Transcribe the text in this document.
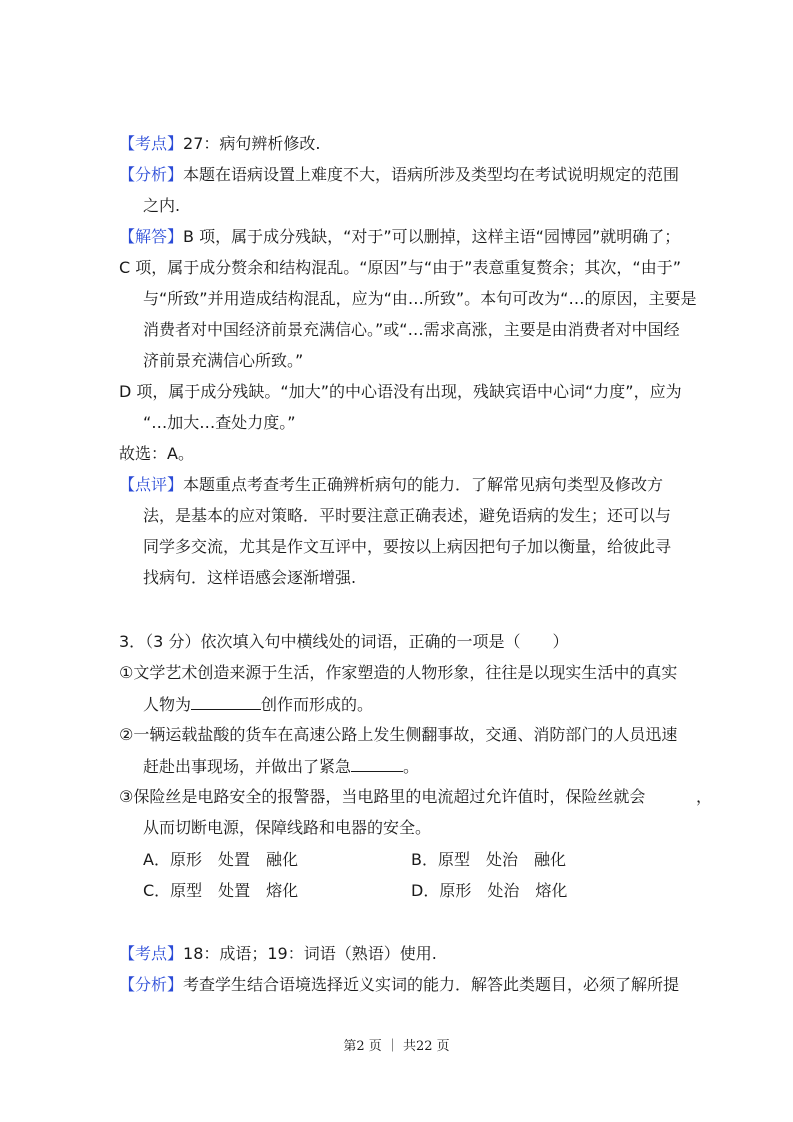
【考点】27：病句辨析修改.
【分析】本题在语病设置上难度不大，语病所涉及类型均在考试说明规定的范围
之内.
【解答】B 项，属于成分残缺，“对于”可以删掉，这样主语“园博园”就明确了；
C 项，属于成分赘余和结构混乱。“原因”与“由于”表意重复赘余；其次，“由于”
与“所致”并用造成结构混乱，应为“由…所致”。本句可改为“…的原因，主要是
消费者对中国经济前景充满信心。”或“…需求高涨，主要是由消费者对中国经
济前景充满信心所致。”
D 项，属于成分残缺。“加大”的中心语没有出现，残缺宾语中心词“力度”，应为
“…加大…查处力度。”
故选：A。
【点评】本题重点考查考生正确辨析病句的能力．了解常见病句类型及修改方
法，是基本的应对策略．平时要注意正确表述，避免语病的发生；还可以与
同学多交流，尤其是作文互评中，要按以上病因把句子加以衡量，给彼此寻
找病句．这样语感会逐渐增强.
3．（3 分）依次填入句中横线处的词语，正确的一项是（　　）
①文学艺术创造来源于生活，作家塑造的人物形象，往往是以现实生活中的真实
人物为	创作而形成的。
②一辆运载盐酸的货车在高速公路上发生侧翻事故，交通、消防部门的人员迅速
赶赴出事现场，并做出了紧急	。
③保险丝是电路安全的报警器，当电路里的电流超过允许值时，保险丝就会	，
从而切断电源，保障线路和电器的安全。
A．原形　处置　融化	B．原型　处治　融化
C．原型　处置　熔化	D．原形　处治　熔化
【考点】18：成语；19：词语（熟语）使用.
【分析】考查学生结合语境选择近义实词的能力．解答此类题目，必须了解所提
第2 页 ｜ 共22 页
